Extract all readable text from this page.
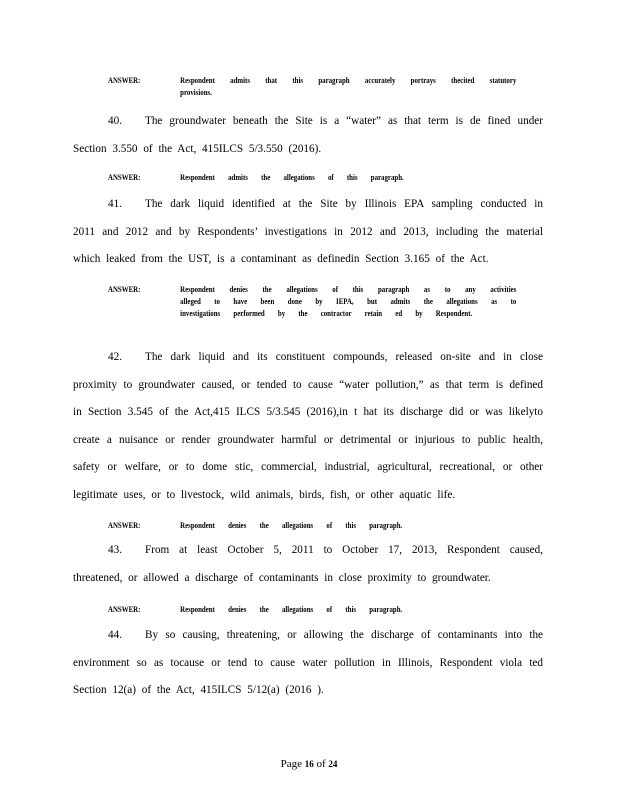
ANSWER:	Respondent admits that this paragraph accurately portrays thecited statutory provisions.
40. The groundwater beneath the Site is a “water” as that term is de fined under Section 3.550 of the Act, 415ILCS 5/3.550 (2016).
ANSWER:	Respondent admits the allegations of this paragraph.
41. The dark liquid identified at the Site by Illinois EPA sampling conducted in 2011 and 2012 and by Respondents’ investigations in 2012 and 2013, including the material which leaked from the UST, is a contaminant as definedin Section 3.165 of the Act.
ANSWER:	Respondent denies the allegations of this paragraph as to any activities alleged to have been done by IEPA, but admits the allegations as to investigations performed by the contractor retain ed by Respondent.
42. The dark liquid and its constituent compounds, released on-site and in close proximity to groundwater caused, or tended to cause “water pollution,” as that term is defined in Section 3.545 of the Act,415 ILCS 5/3.545 (2016),in t hat its discharge did or was likelyto create a nuisance or render groundwater harmful or detrimental or injurious to public health, safety or welfare, or to dome stic, commercial, industrial, agricultural, recreational, or other legitimate uses, or to livestock, wild animals, birds, fish, or other aquatic life.
ANSWER:	Respondent denies the allegations of this paragraph.
43. From at least October 5, 2011 to October 17, 2013, Respondent caused, threatened, or allowed a discharge of contaminants in close proximity to groundwater.
ANSWER:	Respondent denies the allegations of this paragraph.
44. By so causing, threatening, or allowing the discharge of contaminants into the environment so as tocause or tend to cause water pollution in Illinois, Respondent viola ted Section 12(a) of the Act, 415ILCS 5/12(a) (2016 ).
Page 16 of 24
